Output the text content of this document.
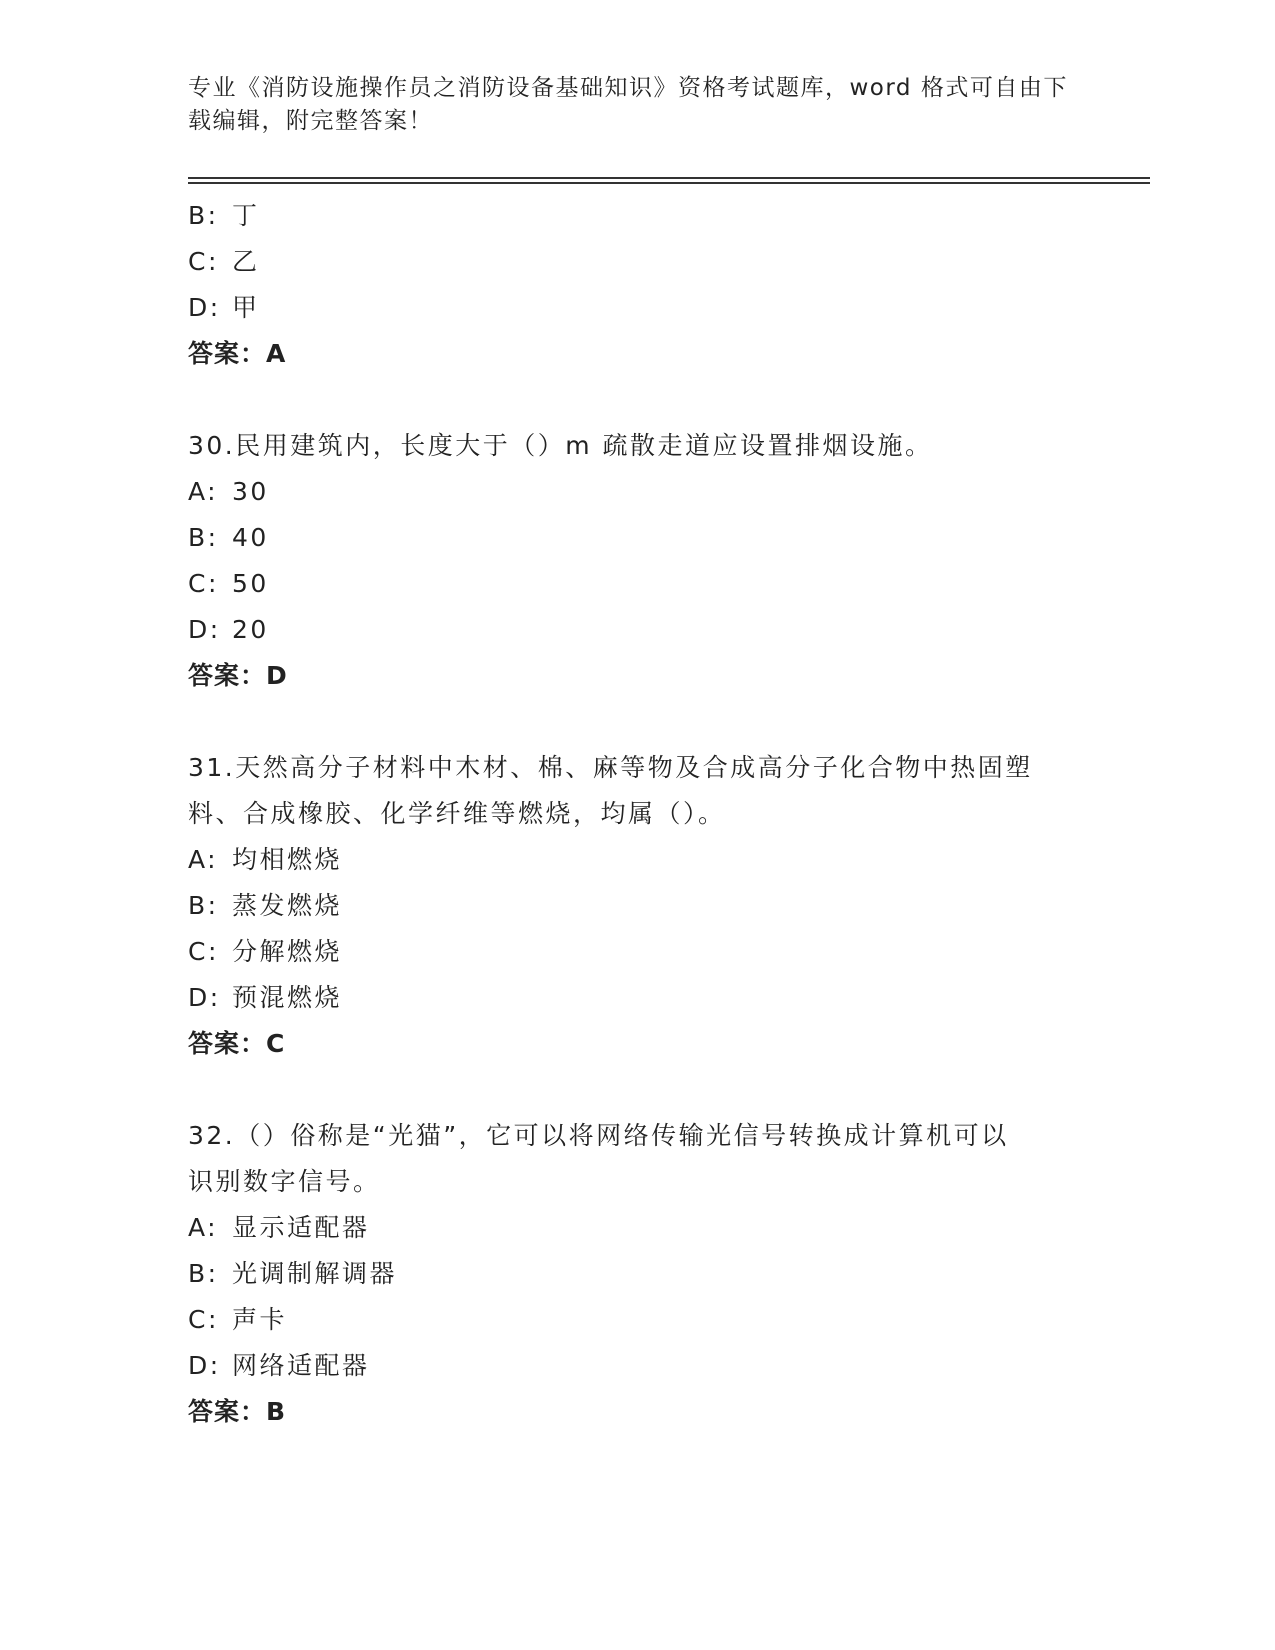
专业《消防设施操作员之消防设备基础知识》资格考试题库，word 格式可自由下
载编辑，附完整答案！
B: 丁
C: 乙
D: 甲
答案：A
30.民用建筑内，长度大于（）m 疏散走道应设置排烟设施。
A: 30
B: 40
C: 50
D: 20
答案：D
31.天然高分子材料中木材、棉、麻等物及合成高分子化合物中热固塑
料、合成橡胶、化学纤维等燃烧，均属（）。
A: 均相燃烧
B: 蒸发燃烧
C: 分解燃烧
D: 预混燃烧
答案：C
32.（）俗称是“光猫”，它可以将网络传输光信号转换成计算机可以
识别数字信号。
A: 显示适配器
B: 光调制解调器
C: 声卡
D: 网络适配器
答案：B
